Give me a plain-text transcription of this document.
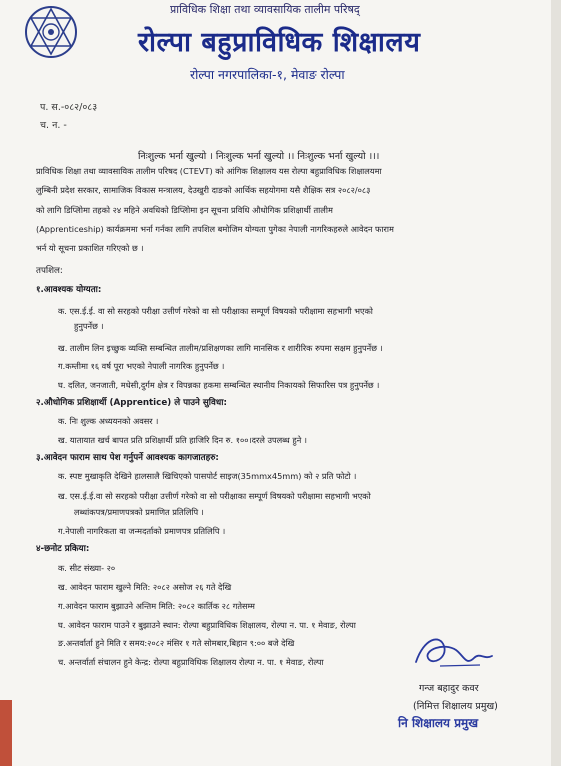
प्राविधिक शिक्षा तथा व्यावसायिक तालीम परिषद्
रोल्पा बहुप्राविधिक शिक्षालय
रोल्पा नगरपालिका-१, मेवाङ रोल्पा
प. स.-०८२/०८३
च. न. -
निःशुल्क भर्ना खुल्यो । निःशुल्क भर्ना खुल्यो ।। निःशुल्क भर्ना खुल्यो ।।।
प्राविधिक शिक्षा तथा व्यावसायिक तालीम परिषद (CTEVT) को आंगिक शिक्षालय यस रोल्पा बहुप्राविधिक शिक्षालयमा
लुम्बिनी प्रदेश सरकार, सामाजिक विकास मन्त्रालय, देउखुरी दाङको आर्थिक सहयोगमा यसै शैक्षिक सत्र २०८२/०८३
को लागि डिप्लिोमा तहको २४ महिने अवधिको डिप्लिोमा इन सूचना प्रविधि औधोगिक प्रशिक्षार्थी तालीम
(Apprenticeship) कार्यक्रममा भर्ना गर्नका लागि तपशिल बमोजिम योग्यता पुगेका नेपाली नागरिकहरुले आवेदन फाराम
भर्न यो सूचना प्रकाशित गरिएको छ ।
तपशिल:
१.आवश्यक योग्यता:
क. एस.ई.ई. वा सो सरहको परीक्षा उत्तीर्ण गरेको वा सो परीक्षाका सम्पूर्ण विषयको परीक्षामा सहभागी भएको
हुनुपर्नेछ ।
ख. तालीम लिन इच्छुक व्यक्ति सम्बन्धित तालीम/प्रशिक्षणका लागि मानसिक र शारीरिक रुपमा सक्षम हुनुपर्नेछ ।
ग.कम्तीमा १६ वर्ष पूरा भएको नेपाली नागरिक हुनुपर्नेछ ।
घ. दलित, जनजाती, मधेसी,दुर्गम क्षेत्र र विपन्नका हकमा सम्बन्धित स्थानीय निकायको सिफारिस पत्र हुनुपर्नेछ ।
२.औधोगिक प्रशिक्षार्थी (Apprentice) ले पाउने सुविधा:
क. निः शुल्क अध्ययनको अवसर ।
ख. यातायात खर्च बापत प्रति प्रशिक्षार्थी प्रति हाजिरि दिन रु. १००।दरले उपलब्ध हुने ।
३.आवेदन फाराम साथ पेश गर्नुपर्ने आवश्यक कागजातहरु:
क. स्पष्ट मुखाकृति देखिने हालसालै खिचिएको पासपोर्ट साइज(35mmx45mm) को २ प्रति फोटो ।
ख. एस.ई.ई.वा सो सरहको परीक्षा उत्तीर्ण गरेको वा सो परीक्षाका सम्पूर्ण विषयको परीक्षामा सहभागी भएको
लब्धांकपत्र/प्रमाणपत्रको प्रमाणित प्रतिलिपि ।
ग.नेपाली नागरिकता वा जन्मदर्ताको प्रमाणपत्र प्रतिलिपि ।
४-छनोट प्रकिया:
क. सीट संख्या- २०
ख. आवेदन फाराम खुल्ने मिति: २०८२ असोज २६ गते देखि
ग.आवेदन फाराम बुझाउने अन्तिम मिति: २०८२ कार्तिक २८ गतेसम्म
घ. आवेदन फाराम पाउने र बुझाउने स्थान: रोल्पा बहुप्राविधिक शिक्षालय, रोल्पा न. पा. १ मेवाङ, रोल्पा
ङ.अन्तर्वार्ता हुने मिति र समय:२०८२ मंसिर १ गते सोमबार,बिहान ९:०० बजे देखि
च. अन्तर्वार्ता संचालन हुने केन्द्र: रोल्पा बहुप्राविधिक शिक्षालय रोल्पा न. पा. १ मेवाङ, रोल्पा
गन्ज बहादुर कवर
(निमित्त शिक्षालय प्रमुख)
नि शिक्षालय प्रमुख
